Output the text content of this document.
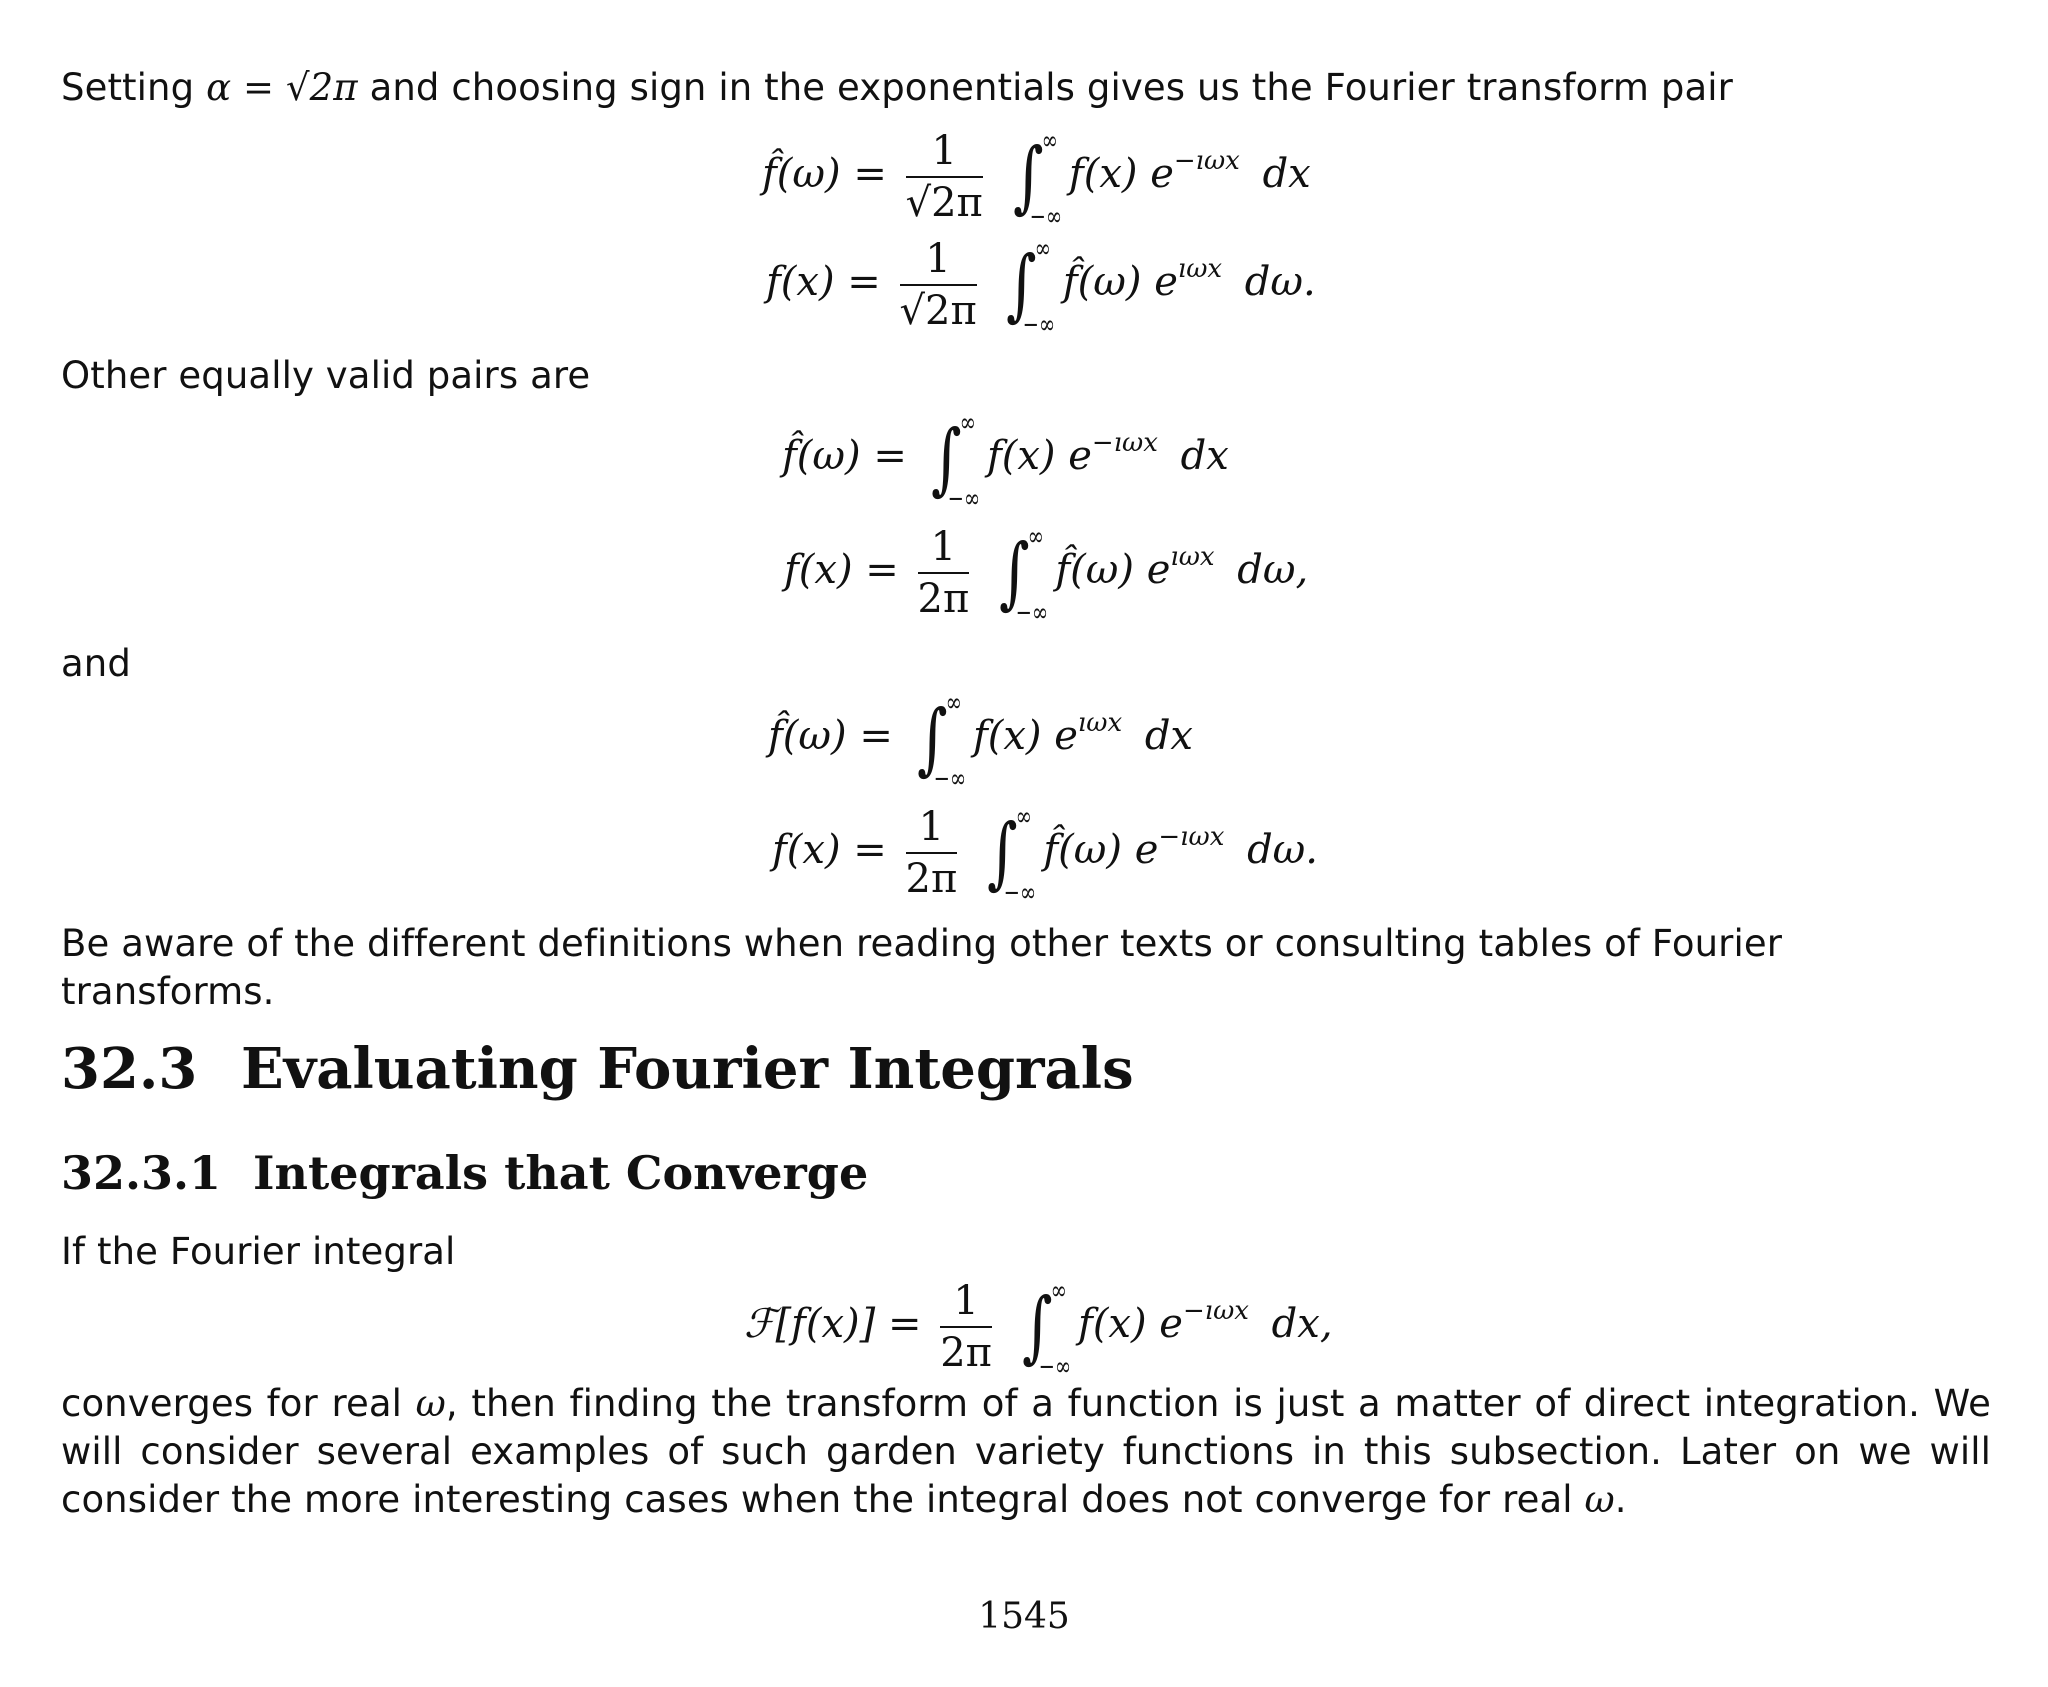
Setting α = √2π and choosing sign in the exponentials gives us the Fourier transform pair
f̂(ω) = $\frac{1}{√2\pi}$ ∫
∞
−∞
f(x) $e^{-ı\omega x}$ dx
$f(x) = \frac{1}{√2\pi}$ ∫
∞
−∞
f̂(ω) $e^{ı\omega x}$ dω.
Other equally valid pairs are
f̂(ω) = ∫
∞
−∞
f(x) $e^{-ı\omega x}$ dx
$f(x) = \frac{1}{2\pi}$ ∫
∞
−∞
f̂(ω) $e^{ı\omega x}$ dω,
and
f̂(ω) = ∫
∞
−∞
f(x) $e^{ı\omega x}$ dx
$f(x) = \frac{1}{2\pi}$ ∫
∞
−∞
f̂(ω) $e^{-ı\omega x}$ dω.
Be aware of the different definitions when reading other texts or consulting tables of Fourier transforms.
32.3 Evaluating Fourier Integrals
32.3.1 Integrals that Converge
If the Fourier integral
ℱ[f(x)] = $\frac{1}{2\pi}$ ∫
∞
−∞
f(x) $e^{-ı\omega x}$ dx,
converges for real ω, then finding the transform of a function is just a matter of direct integration. We will consider several examples of such garden variety functions in this subsection. Later on we will consider the more interesting cases when the integral does not converge for real ω.
1545
